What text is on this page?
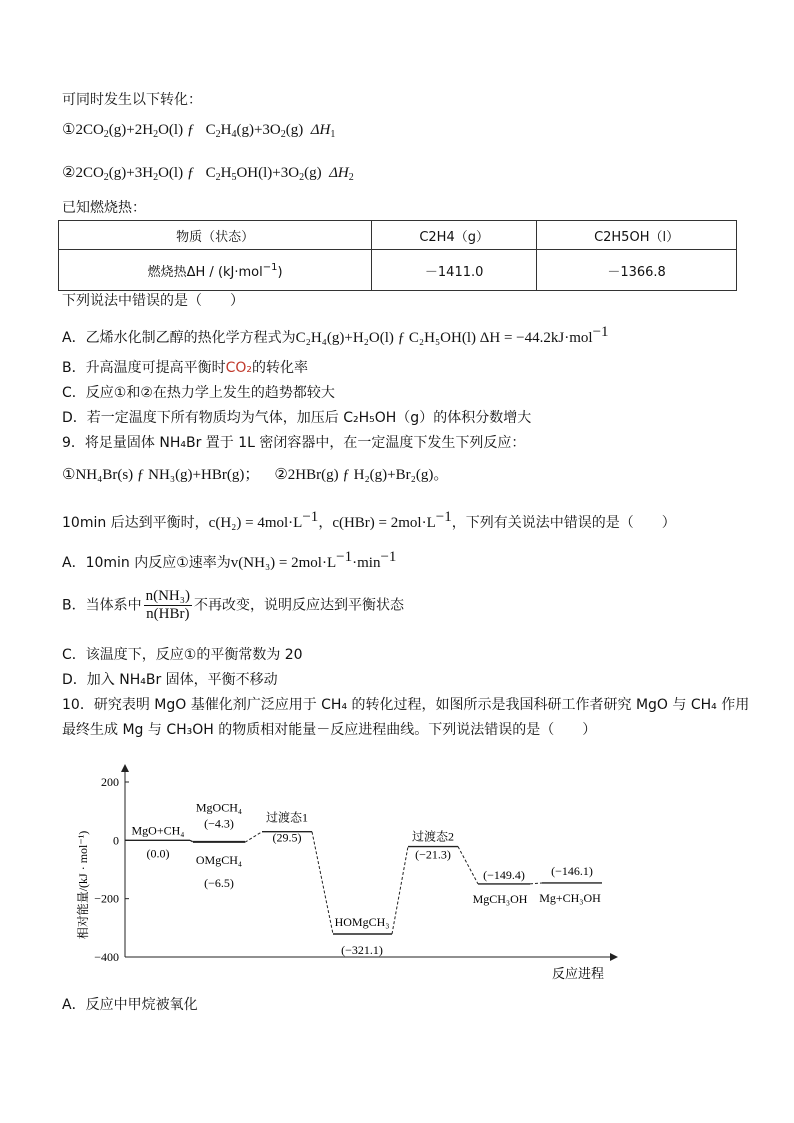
可同时发生以下转化：
$①2CO_2(g)+2H_2O(l)$ ƒ $C_2H_4(g)+3O_2(g)$ $\Delta H_1$
$②2CO_2(g)+3H_2O(l)$ ƒ $C_2H_5OH(l)+3O_2(g)$ $\Delta H_2$
已知燃烧热：
物质（状态）	C2H4（g）	C2H5OH（l）
燃烧热ΔH / (kJ·mol$^{-1}$)	－1411.0	－1366.8
下列说法中错误的是（　　）
A．乙烯水化制乙醇的热化学方程式为C₂H₄(g)+H₂O(l) ƒ C₂H₅OH(l) ΔH = −44.2kJ·mol$^{-1}$
B．升高温度可提高平衡时CO₂的转化率
C．反应①和②在热力学上发生的趋势都较大
D．若一定温度下所有物质均为气体，加压后 C₂H₅OH（g）的体积分数增大
9．将足量固体 NH₄Br 置于 1L 密闭容器中，在一定温度下发生下列反应：
①NH₄Br(s) ƒ NH₃(g)+HBr(g)； ②2HBr(g) ƒ H₂(g)+Br₂(g)。
10min 后达到平衡时，$c(H_2) = 4mol\cdot L^{-1}$，$c(HBr) = 2mol\cdot L^{-1}$，下列有关说法中错误的是（　　）
A．10min 内反应①速率为$v(NH_3) = 2mol\cdot L^{-1}\cdot\min^{-1}$
B．当体系中 $\frac{\text{n(NH₃)}}{\text{n(HBr)}}$ 不再改变，说明反应达到平衡状态
C．该温度下，反应①的平衡常数为 20
D．加入 NH₄Br 固体，平衡不移动
10．研究表明 MgO 基催化剂广泛应用于 CH₄ 的转化过程，如图所示是我国科研工作者研究 MgO 与 CH₄ 作用
最终生成 Mg 与 CH₃OH 的物质相对能量－反应进程曲线。下列说法错误的是（　　）
相对能量/(kJ · mol⁻¹)
反应进程
200
0
−200
−400
MgO+CH₄
(0.0)
MgOCH₄
(−4.3)
OMgCH₄
(−6.5)
过渡态1
(29.5)
HOMgCH₃
(−321.1)
过渡态2
(−21.3)
MgCH₃OH
(−149.4)
Mg+CH₃OH
(−146.1)
A．反应中甲烷被氧化
